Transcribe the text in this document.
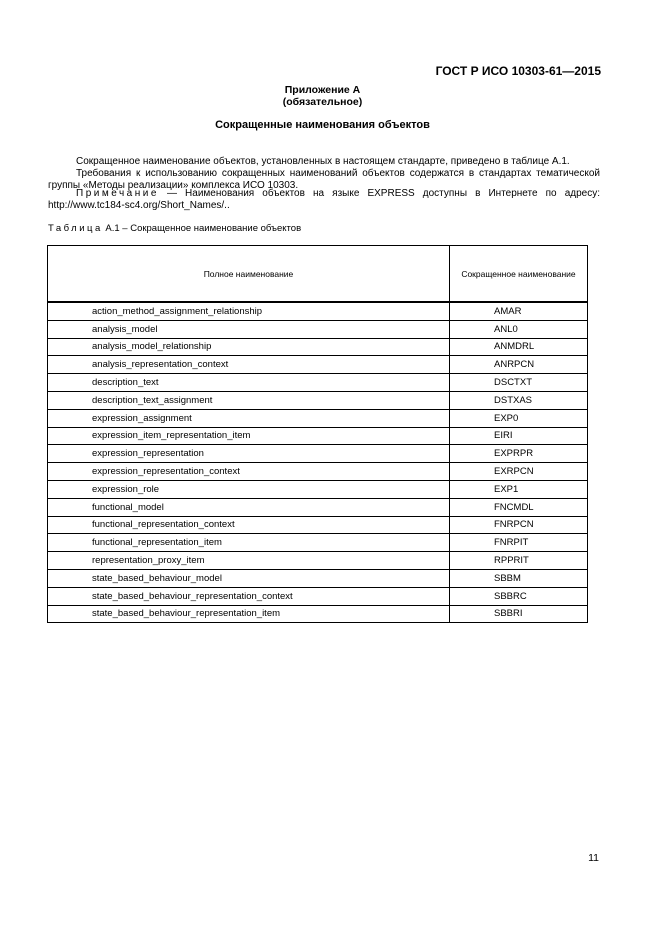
ГОСТ Р ИСО 10303-61—2015
Приложение А
(обязательное)
Сокращенные наименования объектов
Сокращенное наименование объектов, установленных в настоящем стандарте, приведено в таблице А.1.
Требования к использованию сокращенных наименований объектов содержатся в стандартах тематической группы «Методы реализации» комплекса ИСО 10303.
Примечание — Наименования объектов на языке EXPRESS доступны в Интернете по адресу: http://www.tc184-sc4.org/Short_Names/..
Таблица А.1 – Сокращенное наименование объектов
Полное наименование	Сокращенное наименование
action_method_assignment_relationship	AMAR
analysis_model	ANL0
analysis_model_relationship	ANMDRL
analysis_representation_context	ANRPCN
description_text	DSCTXT
description_text_assignment	DSTXAS
expression_assignment	EXP0
expression_item_representation_item	EIRI
expression_representation	EXPRPR
expression_representation_context	EXRPCN
expression_role	EXP1
functional_model	FNCMDL
functional_representation_context	FNRPCN
functional_representation_item	FNRPIT
representation_proxy_item	RPPRIT
state_based_behaviour_model	SBBM
state_based_behaviour_representation_context	SBBRC
state_based_behaviour_representation_item	SBBRI
11
